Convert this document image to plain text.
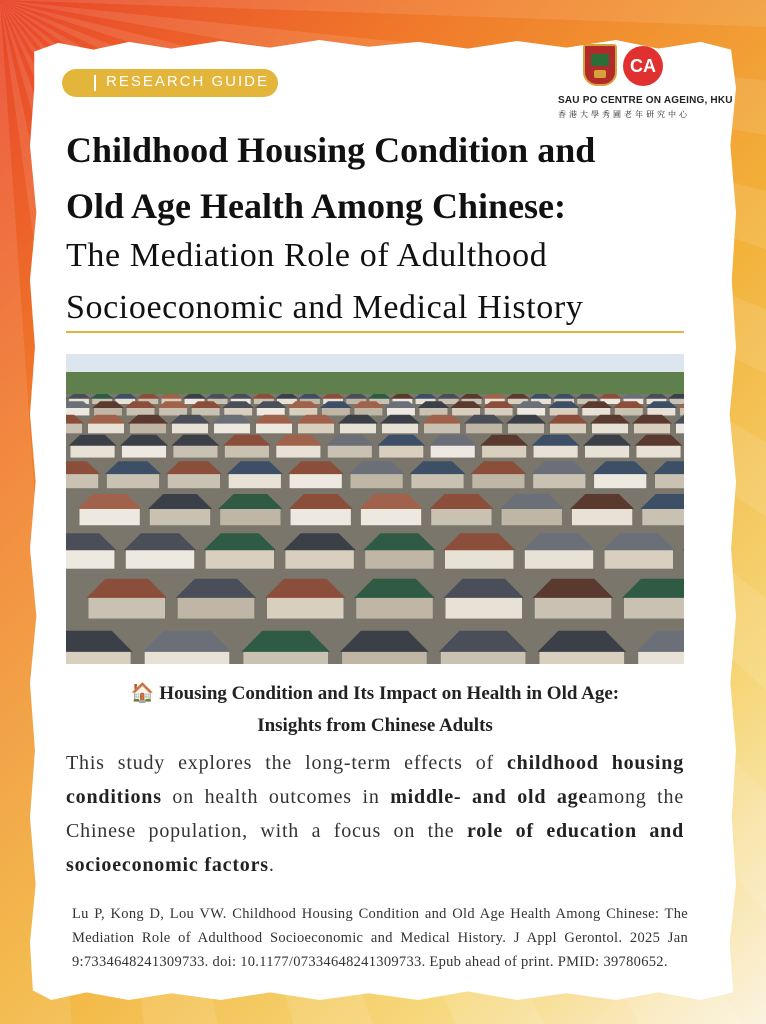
RESEARCH GUIDE
CA
SAU PO CENTRE ON AGEING, HKU
香港大學秀圃老年研究中心
Childhood Housing Condition and
Old Age Health Among Chinese:
The Mediation Role of Adulthood
Socioeconomic and Medical History
🏠 Housing Condition and Its Impact on Health in Old Age:
Insights from Chinese Adults
This study explores the long-term effects of childhood housing conditions on health outcomes in middle- and old ageamong the Chinese population, with a focus on the role of education and socioeconomic factors.
Lu P, Kong D, Lou VW. Childhood Housing Condition and Old Age Health Among Chinese: The Mediation Role of Adulthood Socioeconomic and Medical History. J Appl Gerontol. 2025 Jan 9:7334648241309733. doi: 10.1177/07334648241309733. Epub ahead of print. PMID: 39780652.
